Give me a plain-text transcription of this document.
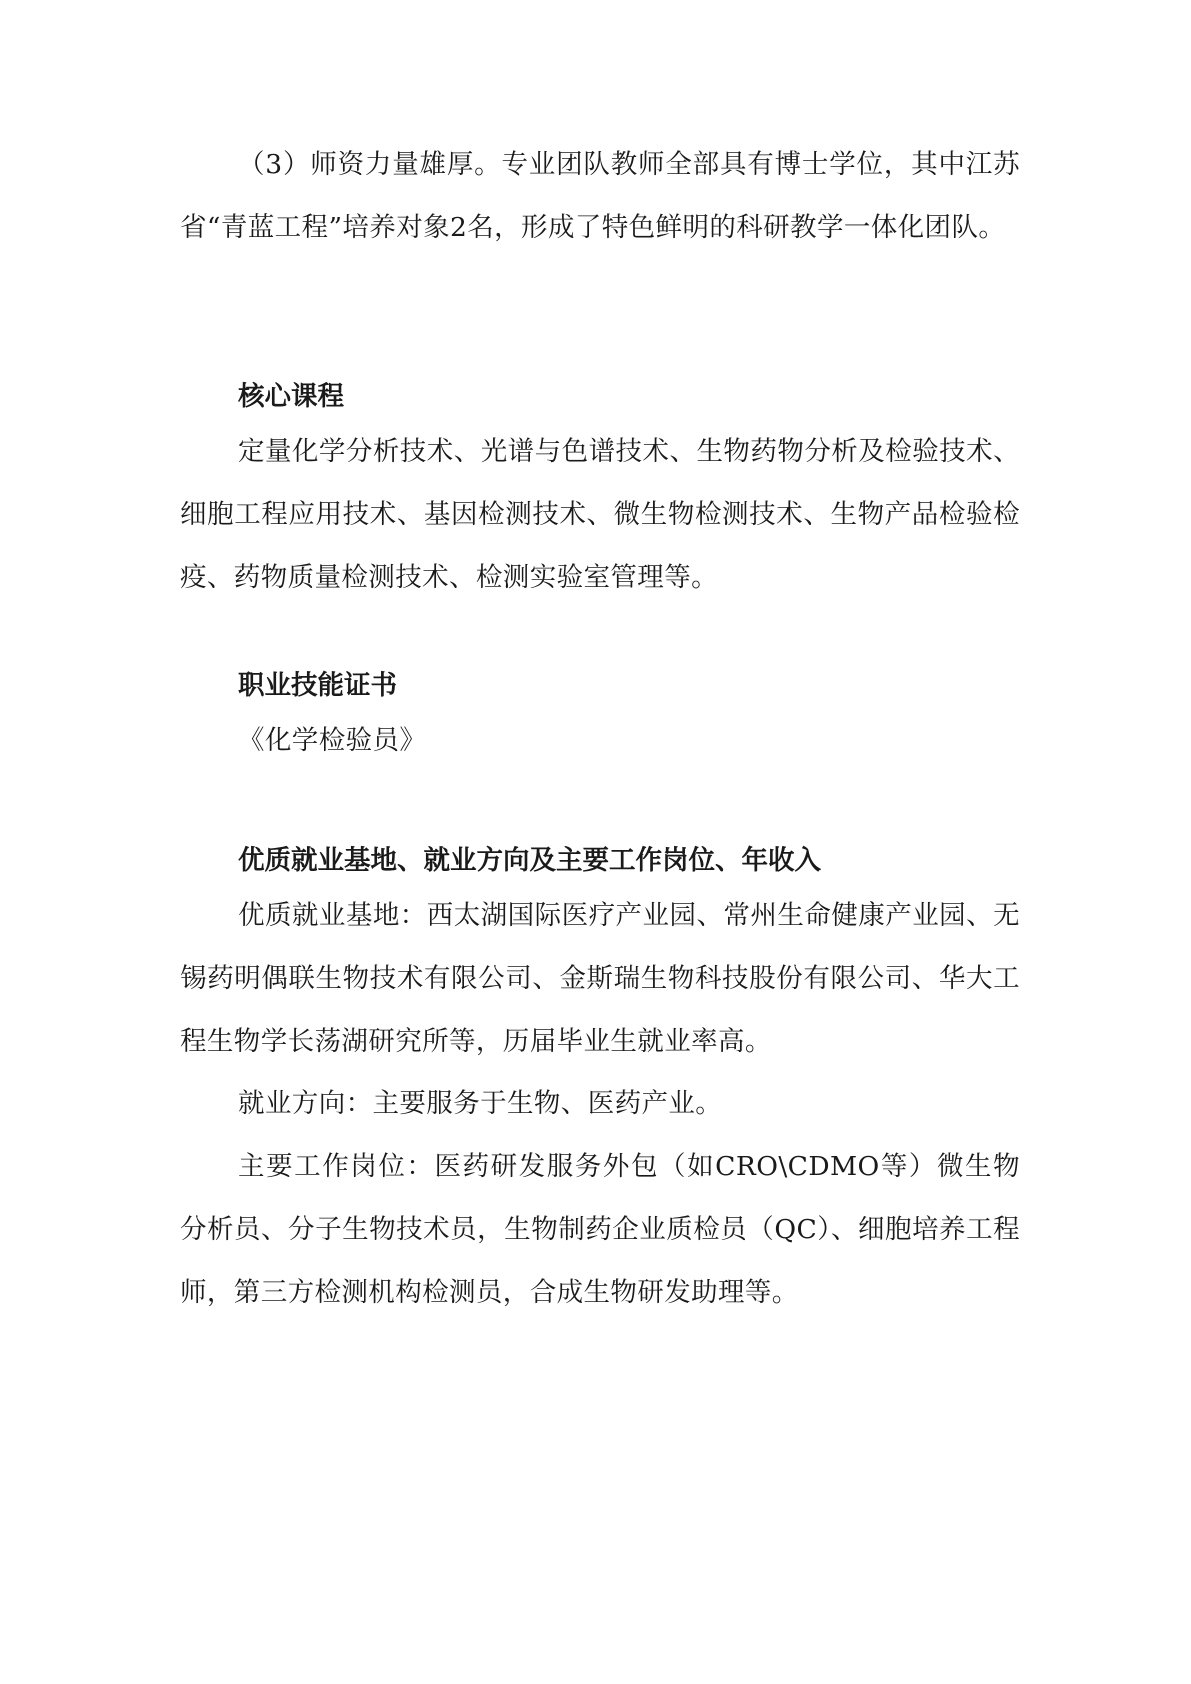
（3）师资力量雄厚。专业团队教师全部具有博士学位，其中江苏省“青蓝工程”培养对象2名，形成了特色鲜明的科研教学一体化团队。

核心课程

定量化学分析技术、光谱与色谱技术、生物药物分析及检验技术、细胞工程应用技术、基因检测技术、微生物检测技术、生物产品检验检疫、药物质量检测技术、检测实验室管理等。

职业技能证书

《化学检验员》

优质就业基地、就业方向及主要工作岗位、年收入

优质就业基地：西太湖国际医疗产业园、常州生命健康产业园、无锡药明偶联生物技术有限公司、金斯瑞生物科技股份有限公司、华大工程生物学长荡湖研究所等，历届毕业生就业率高。

就业方向：主要服务于生物、医药产业。

主要工作岗位：医药研发服务外包（如CRO\CDMO等）微生物分析员、分子生物技术员，生物制药企业质检员（QC）、细胞培养工程师，第三方检测机构检测员，合成生物研发助理等。
